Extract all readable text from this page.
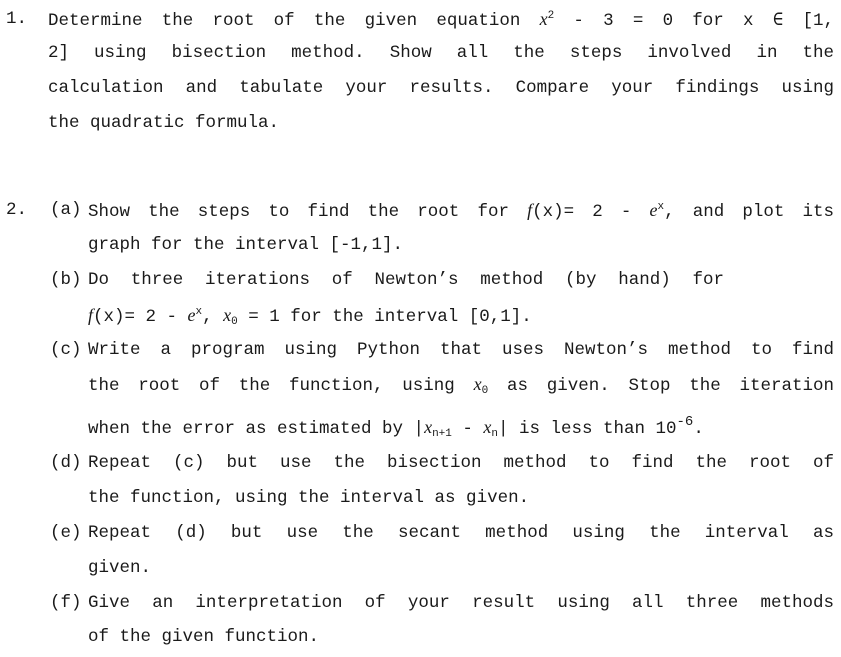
1. Determine the root of the given equation $x^2 - 3 = 0$ for x ∈ [1,
2] using bisection method. Show all the steps involved in the
calculation and tabulate your results. Compare your findings using
the quadratic formula.
2. (a) Show the steps to find the root for $f(x)= 2 - e^x$, and plot its
graph for the interval [-1,1].
(b) Do three iterations of Newton’s method (by hand) for
$f(x)= 2 - e^x$, $x_0 = 1$ for the interval [0,1].
(c) Write a program using Python that uses Newton’s method to find
the root of the function, using $x_0$ as given. Stop the iteration
when the error as estimated by $|x_{n+1} - x_n|$ is less than $10^{-6}$.
(d) Repeat (c) but use the bisection method to find the root of
the function, using the interval as given.
(e) Repeat (d) but use the secant method using the interval as
given.
(f) Give an interpretation of your result using all three methods
of the given function.
